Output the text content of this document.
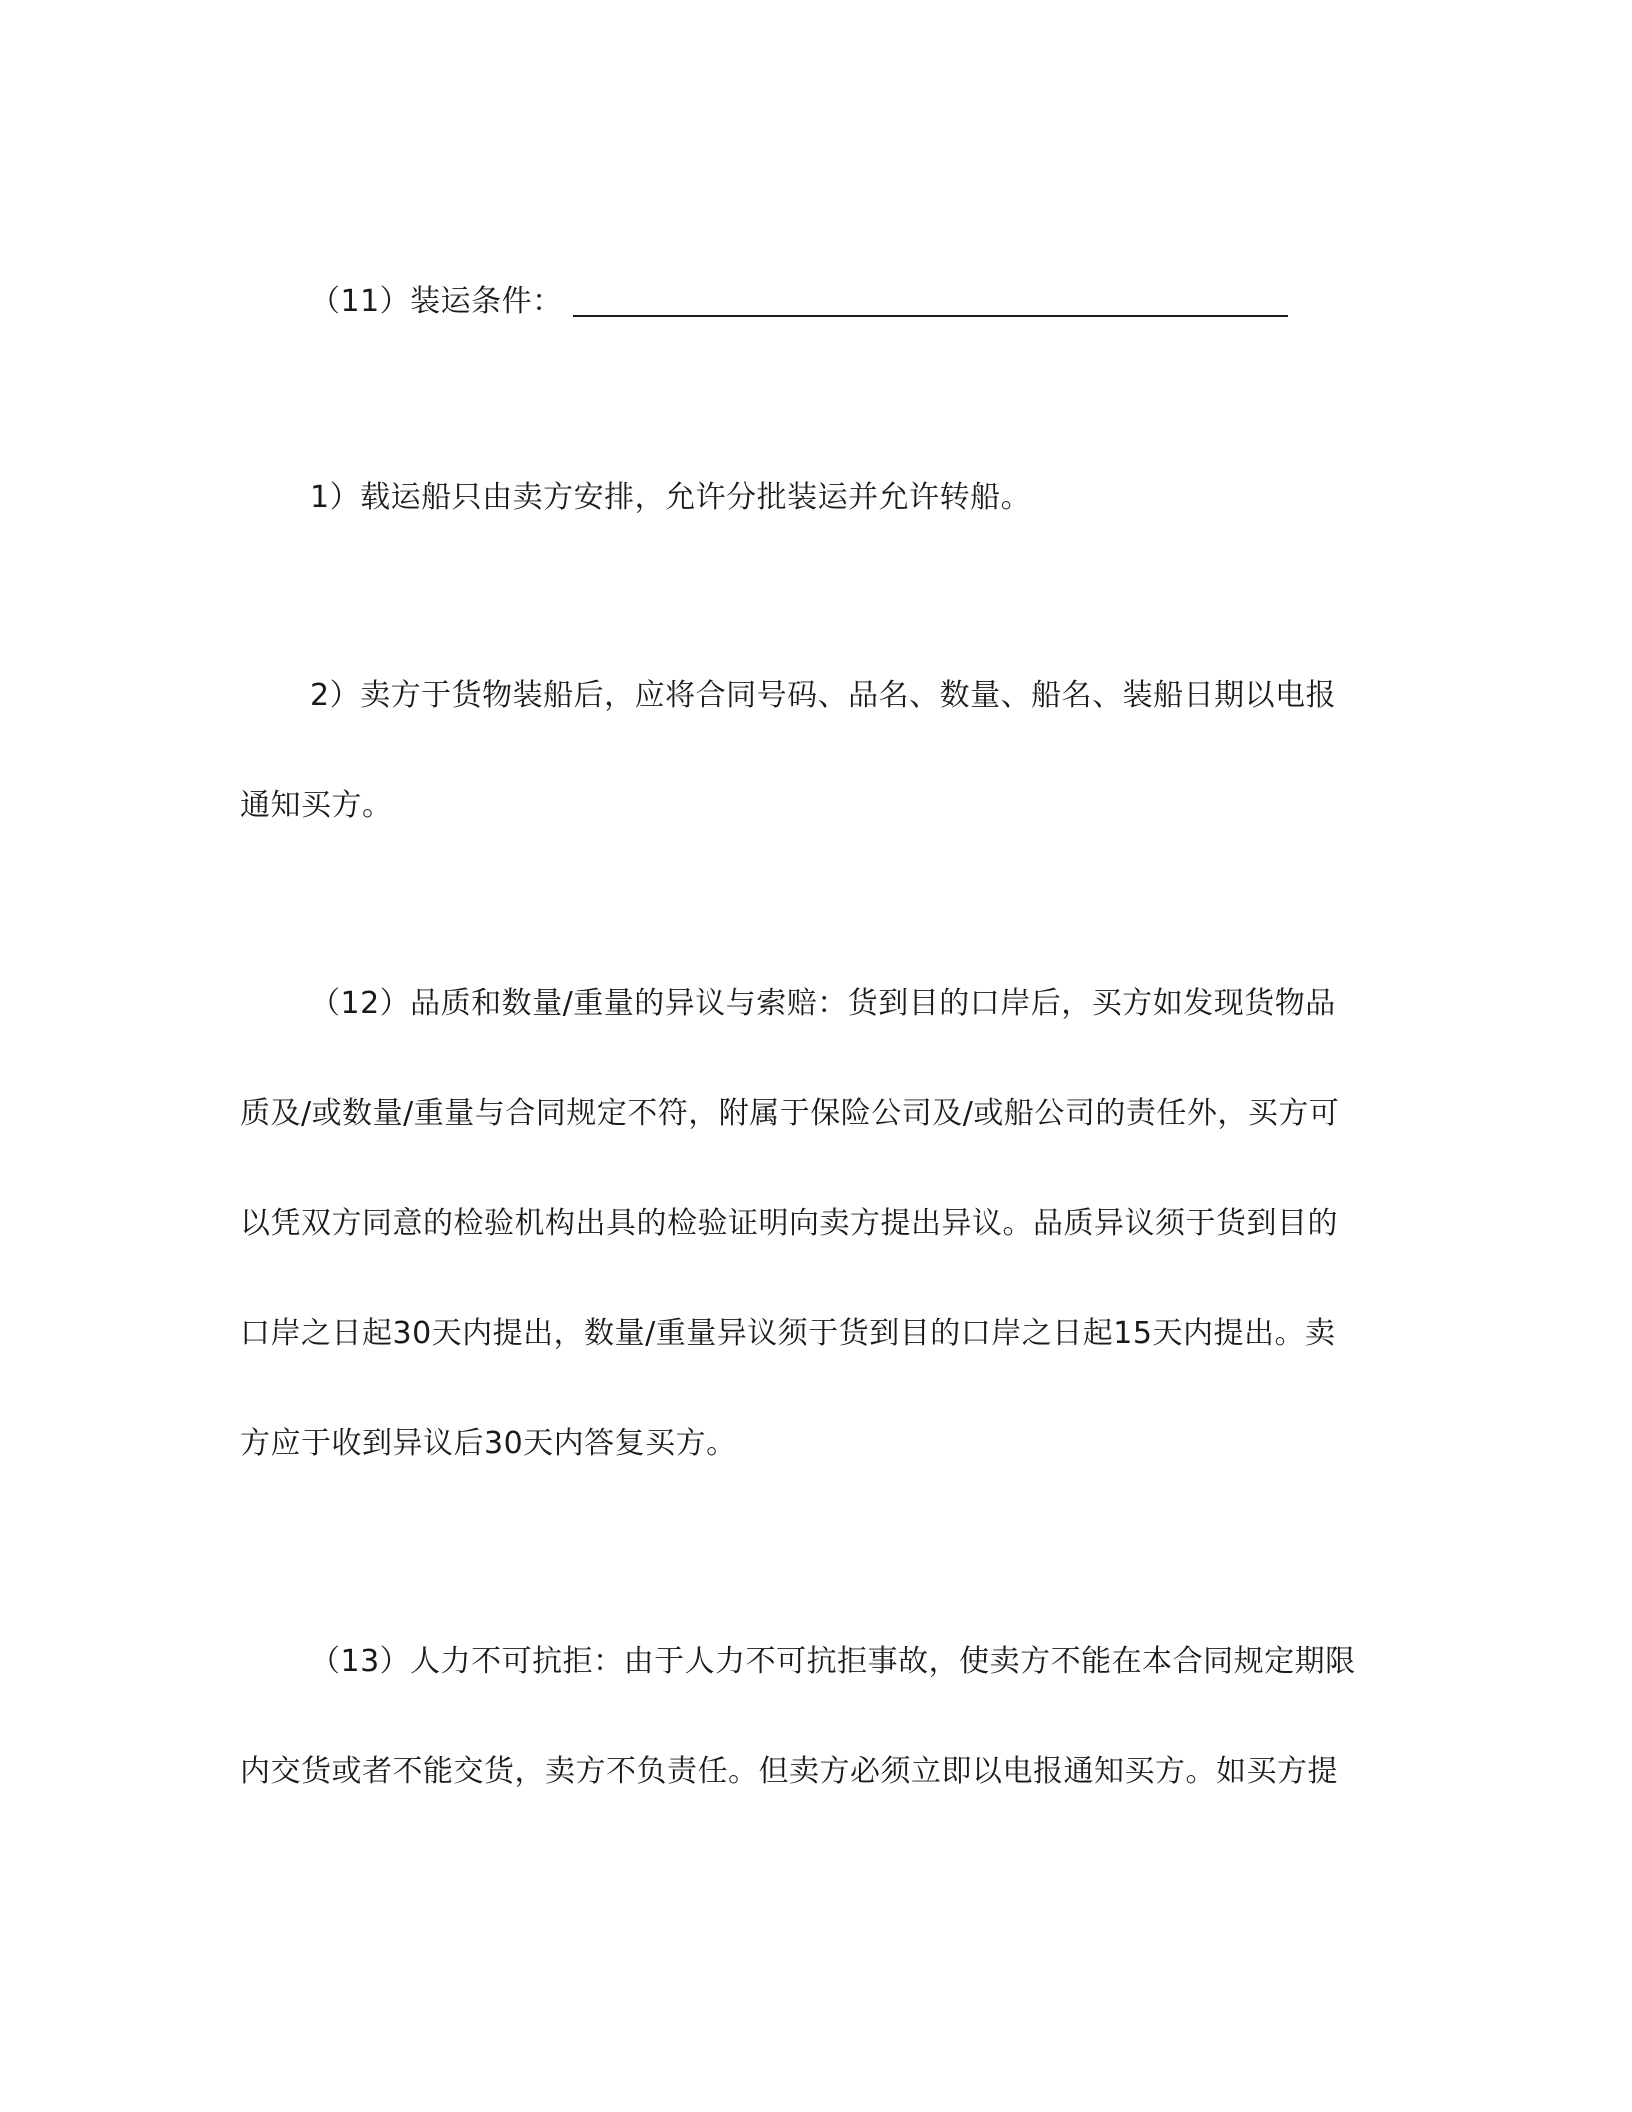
（11）装运条件：
1）载运船只由卖方安排，允许分批装运并允许转船。
2）卖方于货物装船后，应将合同号码、品名、数量、船名、装船日期以电报
通知买方。
（12）品质和数量/重量的异议与索赔：货到目的口岸后，买方如发现货物品
质及/或数量/重量与合同规定不符，附属于保险公司及/或船公司的责任外，买方可
以凭双方同意的检验机构出具的检验证明向卖方提出异议。品质异议须于货到目的
口岸之日起30天内提出，数量/重量异议须于货到目的口岸之日起15天内提出。卖
方应于收到异议后30天内答复买方。
（13）人力不可抗拒：由于人力不可抗拒事故，使卖方不能在本合同规定期限
内交货或者不能交货，卖方不负责任。但卖方必须立即以电报通知买方。如买方提
